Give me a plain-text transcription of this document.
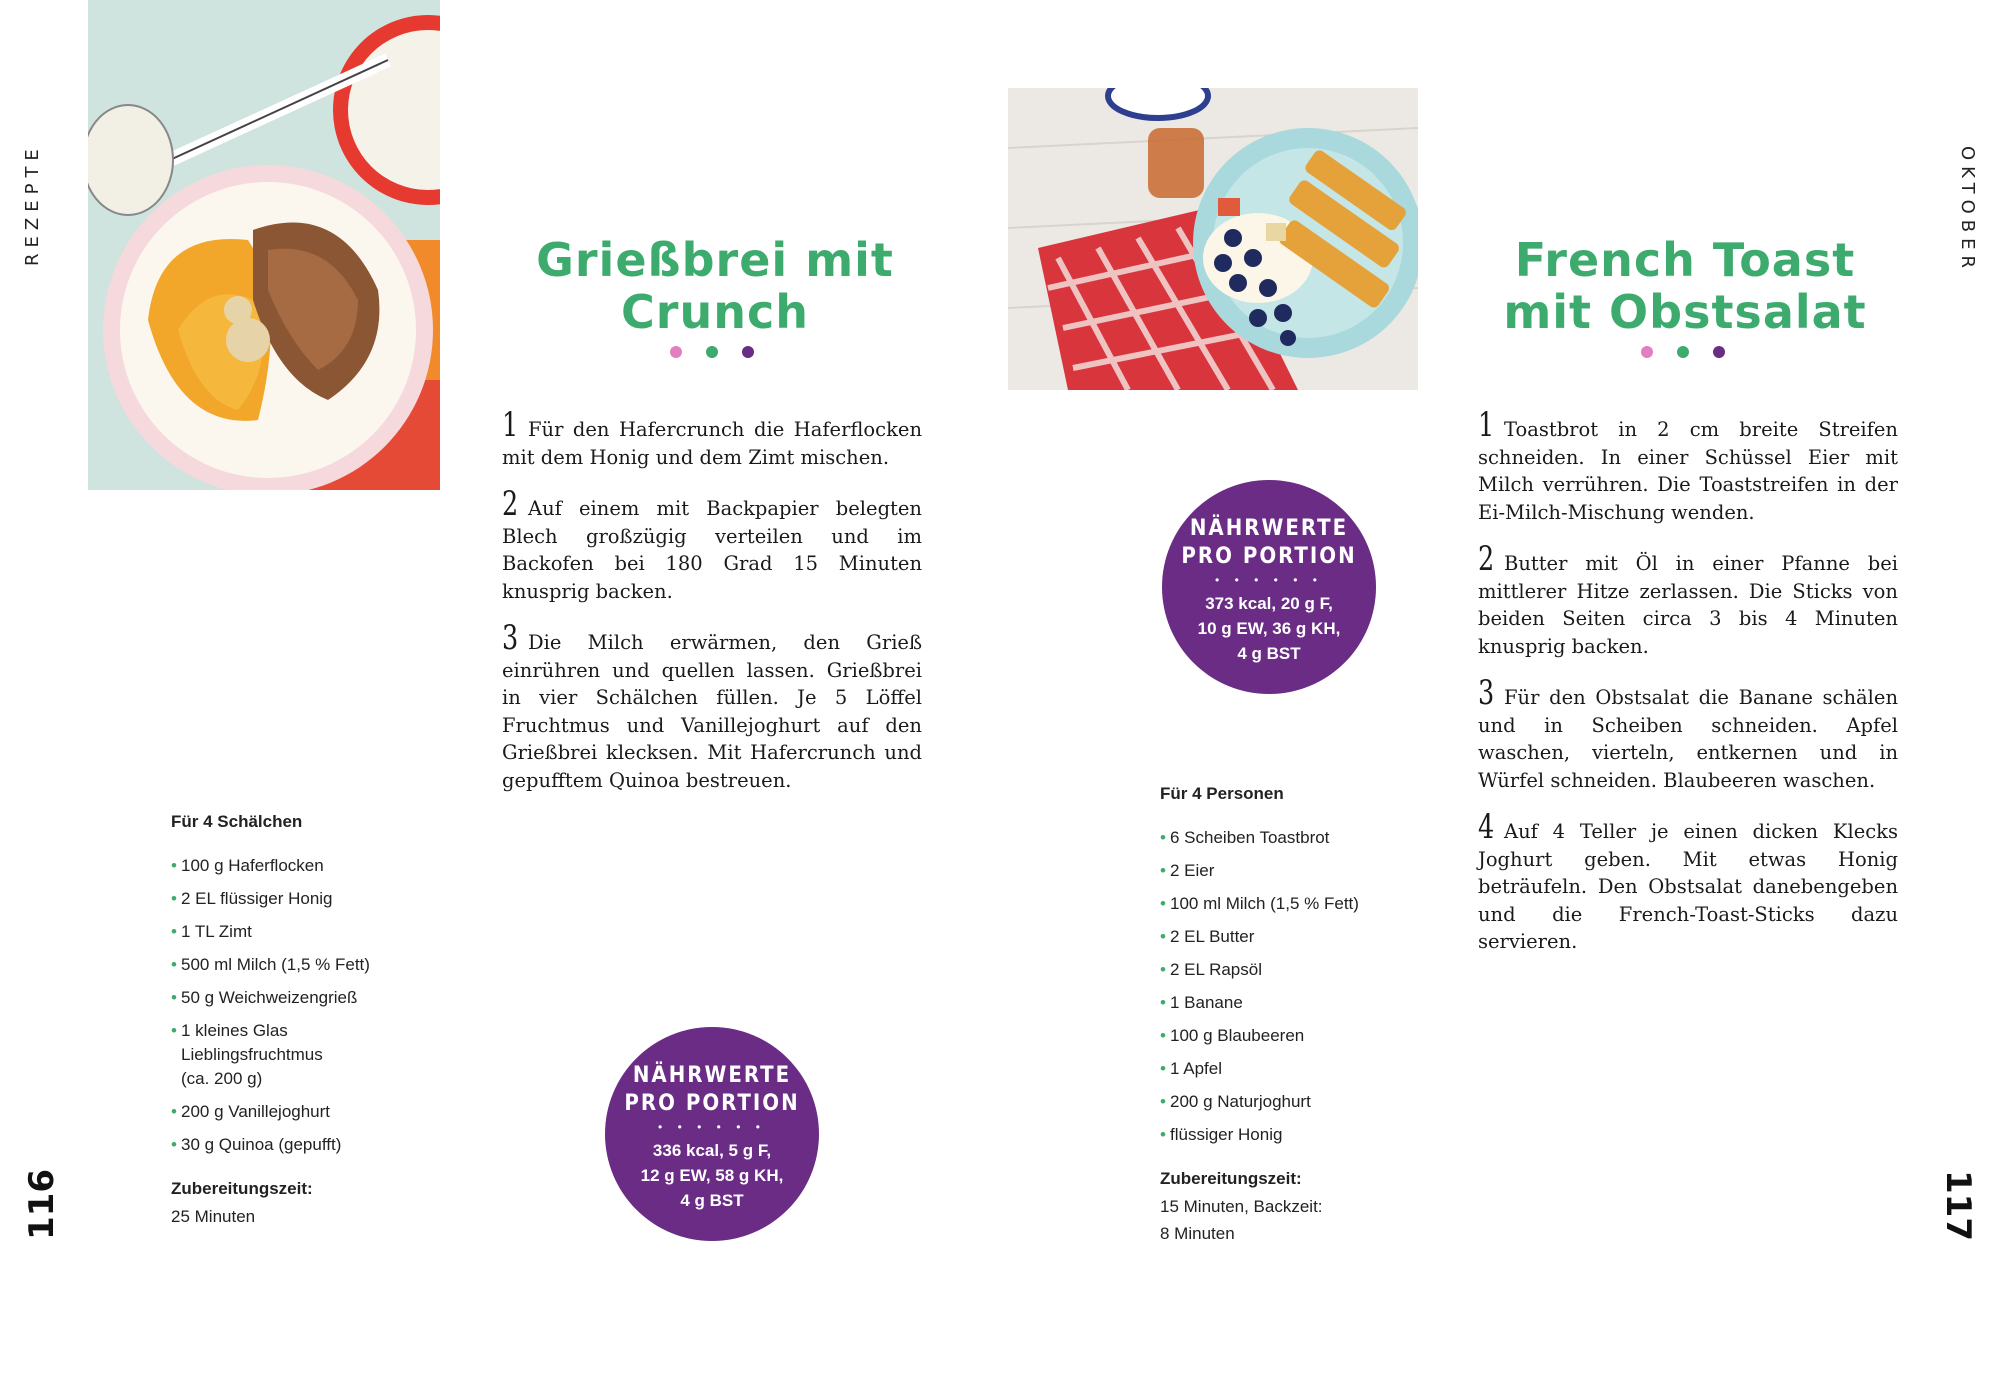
REZEPTE	Grießbrei mit
Crunch

1 Für den Hafercrunch die Haferflocken mit dem Honig und dem Zimt mischen.

2 Auf einem mit Backpapier belegten Blech großzügig verteilen und im Backofen bei 180 Grad 15 Minuten knusprig backen.

3 Die Milch erwärmen, den Grieß einrühren und quellen lassen. Grießbrei in vier Schälchen füllen. Je 5 Löffel Fruchtmus und Vanillejoghurt auf den Grießbrei klecksen. Mit Hafercrunch und gepufftem Quinoa bestreuen.

Für 4 Schälchen
• 100 g Haferflocken
• 2 EL flüssiger Honig
• 1 TL Zimt
• 500 ml Milch (1,5 % Fett)
• 50 g Weichweizengrieß
• 1 kleines Glas
Lieblingsfruchtmus
(ca. 200 g)
• 200 g Vanillejoghurt
• 30 g Quinoa (gepufft)
Zubereitungszeit:
25 Minuten
NÄHRWERTE
PRO PORTION
• • • • • •
336 kcal, 5 g F,
12 g EW, 58 g KH,
4 g BST
116
French Toast
mit Obstsalat
NÄHRWERTE
PRO PORTION
• • • • • •
373 kcal, 20 g F,
10 g EW, 36 g KH,
4 g BST
Für 4 Personen
• 6 Scheiben Toastbrot
• 2 Eier
• 100 ml Milch (1,5 % Fett)
• 2 EL Butter
• 2 EL Rapsöl
• 1 Banane
• 100 g Blaubeeren
• 1 Apfel
• 200 g Naturjoghurt
• flüssiger Honig
Zubereitungszeit:
15 Minuten, Backzeit:
8 Minuten

1 Toastbrot in 2 cm breite Streifen schneiden. In einer Schüssel Eier mit Milch verrühren. Die Toaststreifen in der Ei-Milch-Mischung wenden.

2 Butter mit Öl in einer Pfanne bei mittlerer Hitze zerlassen. Die Sticks von beiden Seiten circa 3 bis 4 Minuten knusprig backen.

3 Für den Obstsalat die Banane schälen und in Scheiben schneiden. Apfel waschen, vierteln, entkernen und in Würfel schneiden. Blaubeeren waschen.

4 Auf 4 Teller je einen dicken Klecks Joghurt geben. Mit etwas Honig beträufeln. Den Obstsalat danebengeben und die French-Toast-Sticks dazu servieren.

OKTOBER
117
